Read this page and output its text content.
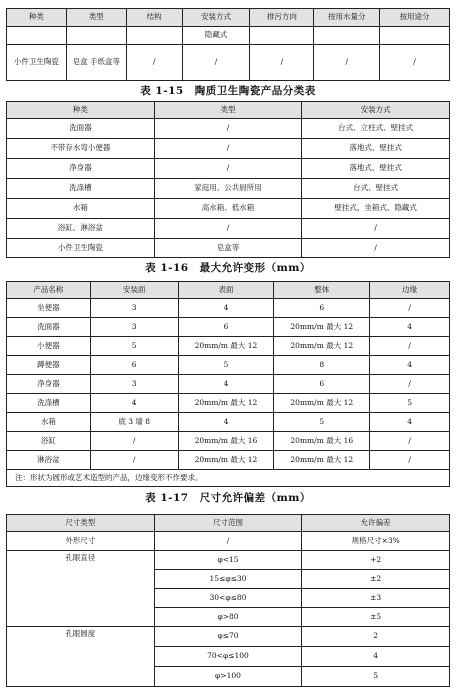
种类	类型	结构	安装方式	排污方向	按用水量分	按用途分
			隐藏式			
小件卫生陶瓷	皂盒 手纸盒等	/	/	/	/	/
表 1-15　陶质卫生陶瓷产品分类表
种类	类型	安装方式
洗面器	/	台式、立柱式、壁挂式
不带存水弯小便器	/	落地式、壁挂式
净身器	/	落地式、壁挂式
洗涤槽	家庭用、公共厨所用	台式、壁挂式
水箱	高水箱、低水箱	壁挂式、坐箱式、隐藏式
浴缸、淋浴盆	/	/
小件卫生陶瓷	皂盒等	/
表 1-16　最大允许变形（mm）
产品名称	安装面	表面	整体	边缘
坐便器	3	4	6	/
洗面器	3	6	20mm/m 最大 12	4
小便器	5	20mm/m 最大 12	20mm/m 最大 12	/
蹲便器	6	5	8	4
净身器	3	4	6	/
洗涤槽	4	20mm/m 最大 12	20mm/m 最大 12	5
水箱	底 3 墙 8	4	5	4
浴缸	/	20mm/m 最大 16	20mm/m 最大 16	/
淋浴盆	/	20mm/m 最大 12	20mm/m 最大 12	/
注：形状为圆形或艺术造型的产品，边缘变形不作要求。				
表 1-17　尺寸允许偏差（mm）
尺寸类型	尺寸范围	允许偏差
外形尺寸	/	规格尺寸×3%
孔眼直径	φ<15	+2
	15≤φ≤30	±2
	30<φ≤80	±3
	φ>80	±5
孔眼圆度	φ≤70	2
	70<φ≤100	4
	φ>100	5
